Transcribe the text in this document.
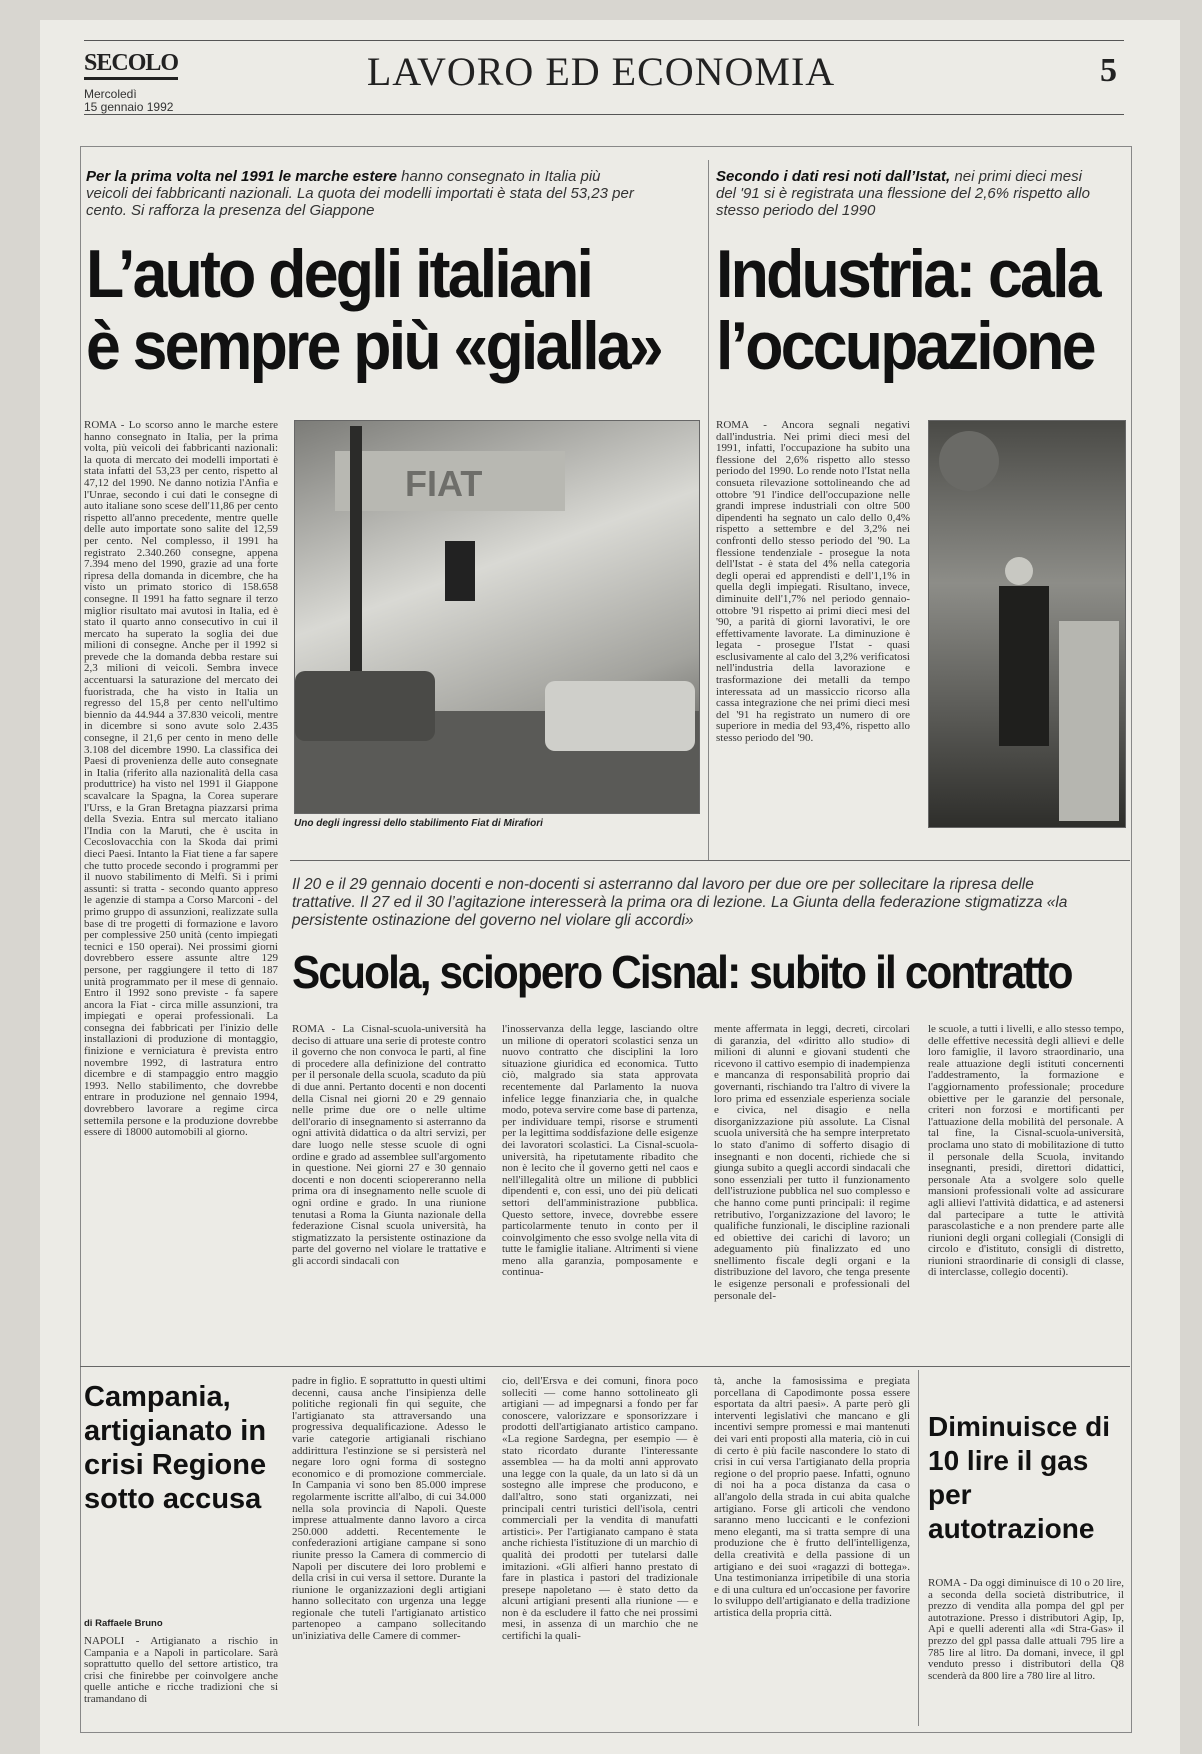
SECOLO
Mercoledì
15 gennaio 1992
LAVORO ED ECONOMIA	5
Per la prima volta nel 1991 le marche estere hanno consegnato in Italia più veicoli dei fabbricanti nazionali. La quota dei modelli importati è stata del 53,23 per cento. Si rafforza la presenza del Giappone
L’auto degli italiani
è sempre più «gialla»
ROMA - Lo scorso anno le marche estere hanno consegnato in Italia, per la prima volta, più veicoli dei fabbricanti nazionali: la quota di mercato dei modelli importati è stata infatti del 53,23 per cento, rispetto al 47,12 del 1990. Ne danno notizia l'Anfia e l'Unrae, secondo i cui dati le consegne di auto italiane sono scese dell'11,86 per cento rispetto all'anno precedente, mentre quelle delle auto importate sono salite del 12,59 per cento. Nel complesso, il 1991 ha registrato 2.340.260 consegne, appena 7.394 meno del 1990, grazie ad una forte ripresa della domanda in dicembre, che ha visto un primato storico di 158.658 consegne. Il 1991 ha fatto segnare il terzo miglior risultato mai avutosi in Italia, ed è stato il quarto anno consecutivo in cui il mercato ha superato la soglia dei due milioni di consegne. Anche per il 1992 si prevede che la domanda debba restare sui 2,3 milioni di veicoli. Sembra invece accentuarsi la saturazione del mercato dei fuoristrada, che ha visto in Italia un regresso del 15,8 per cento nell'ultimo biennio da 44.944 a 37.830 veicoli, mentre in dicembre si sono avute solo 2.435 consegne, il 21,6 per cento in meno delle 3.108 del dicembre 1990. La classifica dei Paesi di provenienza delle auto consegnate in Italia (riferito alla nazionalità della casa produttrice) ha visto nel 1991 il Giappone scavalcare la Spagna, la Corea superare l'Urss, e la Gran Bretagna piazzarsi prima della Svezia. Entra sul mercato italiano l'India con la Maruti, che è uscita in Cecoslovacchia con la Skoda dai primi dieci Paesi. Intanto la Fiat tiene a far sapere che tutto procede secondo i programmi per il nuovo stabilimento di Melfi. Sì i primi assunti: si tratta - secondo quanto appreso le agenzie di stampa a Corso Marconi - del primo gruppo di assunzioni, realizzate sulla base di tre progetti di formazione e lavoro per complessive 250 unità (cento impiegati tecnici e 150 operai). Nei prossimi giorni dovrebbero essere assunte altre 129 persone, per raggiungere il tetto di 187 unità programmato per il mese di gennaio. Entro il 1992 sono previste - fa sapere ancora la Fiat - circa mille assunzioni, tra impiegati e operai professionali. La consegna dei fabbricati per l'inizio delle installazioni di produzione di montaggio, finizione e verniciatura è prevista entro novembre 1992, di lastratura entro dicembre e di stampaggio entro maggio 1993. Nello stabilimento, che dovrebbe entrare in produzione nel gennaio 1994, dovrebbero lavorare a regime circa settemila persone e la produzione dovrebbe essere di 18000 automobili al giorno.
FIAT
Uno degli ingressi dello stabilimento Fiat di Mirafiori
Secondo i dati resi noti dall’Istat, nei primi dieci mesi del '91 si è registrata una flessione del 2,6% rispetto allo stesso periodo del 1990
Industria: cala
l’occupazione
ROMA - Ancora segnali negativi dall'industria. Nei primi dieci mesi del 1991, infatti, l'occupazione ha subito una flessione del 2,6% rispetto allo stesso periodo del 1990. Lo rende noto l'Istat nella consueta rilevazione sottolineando che ad ottobre '91 l'indice dell'occupazione nelle grandi imprese industriali con oltre 500 dipendenti ha segnato un calo dello 0,4% rispetto a settembre e del 3,2% nei confronti dello stesso periodo del '90. La flessione tendenziale - prosegue la nota dell'Istat - è stata del 4% nella categoria degli operai ed apprendisti e dell'1,1% in quella degli impiegati. Risultano, invece, diminuite dell'1,7% nel periodo gennaio-ottobre '91 rispetto ai primi dieci mesi del '90, a parità di giorni lavorativi, le ore effettivamente lavorate. La diminuzione è legata - prosegue l'Istat - quasi esclusivamente al calo del 3,2% verificatosi nell'industria della lavorazione e trasformazione dei metalli da tempo interessata ad un massiccio ricorso alla cassa integrazione che nei primi dieci mesi del '91 ha registrato un numero di ore superiore in media del 93,4%, rispetto allo stesso periodo del '90.
Il 20 e il 29 gennaio docenti e non-docenti si asterranno dal lavoro per due ore per sollecitare la ripresa delle trattative. Il 27 ed il 30 l’agitazione interesserà la prima ora di lezione. La Giunta della federazione stigmatizza «la persistente ostinazione del governo nel violare gli accordi»
Scuola, sciopero Cisnal: subito il contratto
ROMA - La Cisnal-scuola-università ha deciso di attuare una serie di proteste contro il governo che non convoca le parti, al fine di procedere alla definizione del contratto per il personale della scuola, scaduto da più di due anni. Pertanto docenti e non docenti della Cisnal nei giorni 20 e 29 gennaio nelle prime due ore o nelle ultime dell'orario di insegnamento si asterranno da ogni attività didattica o da altri servizi, per dare luogo nelle stesse scuole di ogni ordine e grado ad assemblee sull'argomento in questione. Nei giorni 27 e 30 gennaio docenti e non docenti sciopereranno nella prima ora di insegnamento nelle scuole di ogni ordine e grado. In una riunione tenutasi a Roma la Giunta nazionale della federazione Cisnal scuola università, ha stigmatizzato la persistente ostinazione da parte del governo nel violare le trattative e gli accordi sindacali con
l'inosservanza della legge, lasciando oltre un milione di operatori scolastici senza un nuovo contratto che disciplini la loro situazione giuridica ed economica. Tutto ciò, malgrado sia stata approvata recentemente dal Parlamento la nuova infelice legge finanziaria che, in qualche modo, poteva servire come base di partenza, per individuare tempi, risorse e strumenti per la legittima soddisfazione delle esigenze dei lavoratori scolastici. La Cisnal-scuola-università, ha ripetutamente ribadito che non è lecito che il governo getti nel caos e nell'illegalità oltre un milione di pubblici dipendenti e, con essi, uno dei più delicati settori dell'amministrazione pubblica. Questo settore, invece, dovrebbe essere particolarmente tenuto in conto per il coinvolgimento che esso svolge nella vita di tutte le famiglie italiane. Altrimenti si viene meno alla garanzia, pomposamente e continua-
mente affermata in leggi, decreti, circolari di garanzia, del «diritto allo studio» di milioni di alunni e giovani studenti che ricevono il cattivo esempio di inadempienza e mancanza di responsabilità proprio dai governanti, rischiando tra l'altro di vivere la loro prima ed essenziale esperienza sociale e civica, nel disagio e nella disorganizzazione più assolute. La Cisnal scuola università che ha sempre interpretato lo stato d'animo di sofferto disagio di insegnanti e non docenti, richiede che si giunga subito a quegli accordi sindacali che sono essenziali per tutto il funzionamento dell'istruzione pubblica nel suo complesso e che hanno come punti principali: il regime retributivo, l'organizzazione del lavoro; le qualifiche funzionali, le discipline razionali ed obiettive dei carichi di lavoro; un adeguamento più finalizzato ed uno snellimento fiscale degli organi e la distribuzione del lavoro, che tenga presente le esigenze personali e professionali del personale del-
le scuole, a tutti i livelli, e allo stesso tempo, delle effettive necessità degli allievi e delle loro famiglie, il lavoro straordinario, una reale attuazione degli istituti concernenti l'addestramento, la formazione e l'aggiornamento professionale; procedure obiettive per le garanzie del personale, criteri non forzosi e mortificanti per l'attuazione della mobilità del personale. A tal fine, la Cisnal-scuola-università, proclama uno stato di mobilitazione di tutto il personale della Scuola, invitando insegnanti, presidi, direttori didattici, personale Ata a svolgere solo quelle mansioni professionali volte ad assicurare agli allievi l'attività didattica, e ad astenersi dal partecipare a tutte le attività parascolastiche e a non prendere parte alle riunioni degli organi collegiali (Consigli di circolo e d'istituto, consigli di distretto, riunioni straordinarie di consigli di classe, di interclasse, collegio docenti).
Campania, artigianato in crisi Regione sotto accusa
di Raffaele Bruno
NAPOLI - Artigianato a rischio in Campania e a Napoli in particolare. Sarà soprattutto quello del settore artistico, tra crisi che finirebbe per coinvolgere anche quelle antiche e ricche tradizioni che si tramandano di
padre in figlio. È soprattutto in questi ultimi decenni, causa anche l'insipienza delle politiche regionali fin qui seguite, che l'artigianato sta attraversando una progressiva dequalificazione. Adesso le varie categorie artigianali rischiano addirittura l'estinzione se si persisterà nel negare loro ogni forma di sostegno economico e di promozione commerciale. In Campania vi sono ben 85.000 imprese regolarmente iscritte all'albo, di cui 34.000 nella sola provincia di Napoli. Queste imprese attualmente danno lavoro a circa 250.000 addetti. Recentemente le confederazioni artigiane campane si sono riunite presso la Camera di commercio di Napoli per discutere dei loro problemi e della crisi in cui versa il settore. Durante la riunione le organizzazioni degli artigiani hanno sollecitato con urgenza una legge regionale che tuteli l'artigianato artistico partenopeo a campano sollecitando un'iniziativa delle Camere di commer-
cio, dell'Ersva e dei comuni, finora poco solleciti — come hanno sottolineato gli artigiani — ad impegnarsi a fondo per far conoscere, valorizzare e sponsorizzare i prodotti dell'artigianato artistico campano. «La regione Sardegna, per esempio — è stato ricordato durante l'interessante assemblea — ha da molti anni approvato una legge con la quale, da un lato si dà un sostegno alle imprese che producono, e dall'altro, sono stati organizzati, nei principali centri turistici dell'isola, centri commerciali per la vendita di manufatti artistici». Per l'artigianato campano è stata anche richiesta l'istituzione di un marchio di qualità dei prodotti per tutelarsi dalle imitazioni. «Gli alfieri hanno prestato di fare in plastica i pastori del tradizionale presepe napoletano — è stato detto da alcuni artigiani presenti alla riunione — e non è da escludere il fatto che nei prossimi mesi, in assenza di un marchio che ne certifichi la quali-
tà, anche la famosissima e pregiata porcellana di Capodimonte possa essere esportata da altri paesi». A parte però gli interventi legislativi che mancano e gli incentivi sempre promessi e mai mantenuti dei vari enti proposti alla materia, ciò in cui di certo è più facile nascondere lo stato di crisi in cui versa l'artigianato della propria regione o del proprio paese. Infatti, ognuno di noi ha a poca distanza da casa o all'angolo della strada in cui abita qualche artigiano. Forse gli articoli che vendono saranno meno luccicanti e le confezioni meno eleganti, ma si tratta sempre di una produzione che è frutto dell'intelligenza, della creatività e della passione di un artigiano e dei suoi «ragazzi di bottega». Una testimonianza irripetibile di una storia e di una cultura ed un'occasione per favorire lo sviluppo dell'artigianato e della tradizione artistica della propria città.
Diminuisce di 10 lire il gas per autotrazione
ROMA - Da oggi diminuisce di 10 o 20 lire, a seconda della società distributrice, il prezzo di vendita alla pompa del gpl per autotrazione. Presso i distributori Agip, Ip, Api e quelli aderenti alla «di Stra-Gas» il prezzo del gpl passa dalle attuali 795 lire a 785 lire al litro. Da domani, invece, il gpl venduto presso i distributori della Q8 scenderà da 800 lire a 780 lire al litro.
